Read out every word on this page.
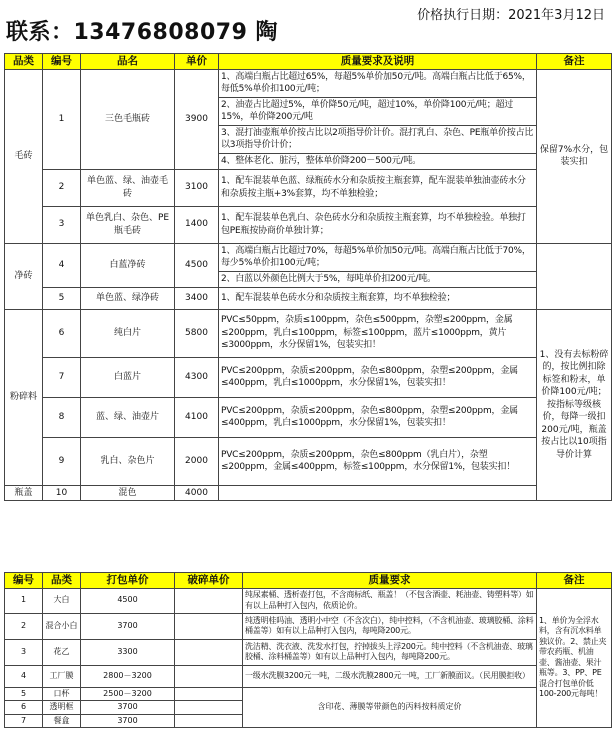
联系：13476808079 陶
价格执行日期：2021年3月12日
品类	编号	品名	单价	质量要求及说明	备注
毛砖	1	三色毛瓶砖	3900	1、高端白瓶占比超过65%，每超5%单价加50元/吨。高端白瓶占比低于65%，每低5%单价扣100元/吨；	保留7%水分，包装实扣
				2、油壶占比超过5%，单价降50元/吨，超过10%，单价降100元/吨；超过15%，单价降200元/吨	
				3、混打油壶瓶单价按占比以2项指导价计价。混打乳白、杂色、PE瓶单价按占比以3项指导价计价；	
				4、整体老化、脏污，整体单价降200－500元/吨。	
	2	单色蓝、绿、油壶毛砖	3100	1、配车混装单色蓝、绿瓶砖水分和杂质按主瓶套算，配车混装单独油壶砖水分和杂质按主瓶+3%套算，均不单独检验；	
	3	单色乳白、杂色、PE瓶毛砖	1400	1、配车混装单色乳白、杂色砖水分和杂质按主瓶套算，均不单独检验。单独打包PE瓶按协商价单独计算；	
净砖	4	白蓝净砖	4500	1、高端白瓶占比超过70%，每超5%单价加50元/吨。高端白瓶占比低于70%，每少5%单价扣100元/吨；	
				2、白蓝以外颜色比例大于5%，每吨单价扣200元/吨。	
	5	单色蓝、绿净砖	3400	1、配车混装单色砖水分和杂质按主瓶套算，均不单独检验；	
粉碎料	6	纯白片	5800	PVC≤50ppm，杂质≤100ppm，杂色≤500ppm，杂塑≤200ppm，金属≤200ppm，乳白≤100ppm，标签≤100ppm，蓝片≤1000ppm，黄片≤3000ppm，水分保留1%，包装实扣！	1、没有去标粉碎的，按比例扣除标签和粉末，单价降100元/吨；按指标等级核价，每降一级扣200元/吨，瓶盖按占比以10项指导价计算
	7	白蓝片	4300	PVC≤200ppm，杂质≤200ppm，杂色≤800ppm，杂塑≤200ppm，金属≤400ppm，乳白≤1000ppm，水分保留1%，包装实扣！	
	8	蓝、绿、油壶片	4100	PVC≤200ppm，杂质≤200ppm，杂色≤800ppm，杂塑≤200ppm，金属≤400ppm，乳白≤1000ppm，水分保留1%，包装实扣！	
	9	乳白、杂色片	2000	PVC≤200ppm，杂质≤200ppm，杂色≤800ppm（乳白片），杂塑≤200ppm，金属≤400ppm，标签≤100ppm，水分保留1%，包装实扣！	
瓶盖	10	混色	4000		
编号	品类	打包单价	破碎单价	质量要求	备注
1	大白	4500		纯尿素桶、透析壶打包，不含商标纸、瓶盖！（不包含酒壶、耗油壶、铸塑料等）如有以上品种打入包内，依质论价。	1、单价为全浮水料，含有沉水料单独议价。2、禁止夹带农药瓶、机油壶、酱油壶、果汁瓶等。3、PP、PE混合打包单价低100-200元每吨！
2	混合小白	3700		纯透明桂吗油、透明小中空（不含次白），纯中控料，（不含机油壶、玻璃胶桶、涂料桶盖等）如有以上品种打入包内，每吨降200元。	
3	花乙	3300		洗洁精、洗衣液、洗发水打包，拧掉拔头上浮200元。纯中控料（不含机油壶、玻璃胶桶、涂料桶盖等）如有以上品种打入包内，每吨降200元。	
4	工厂膜	2800－3200		一级水洗膜3200元一吨，二级水洗膜2800元一吨，工厂新膜面议。（民用膜拒收）	
5	口杯	2500－3200		含印花、薄膜等带颜色的丙料按料质定价	
6	透明框	3700			
7	餐盒	3700			
